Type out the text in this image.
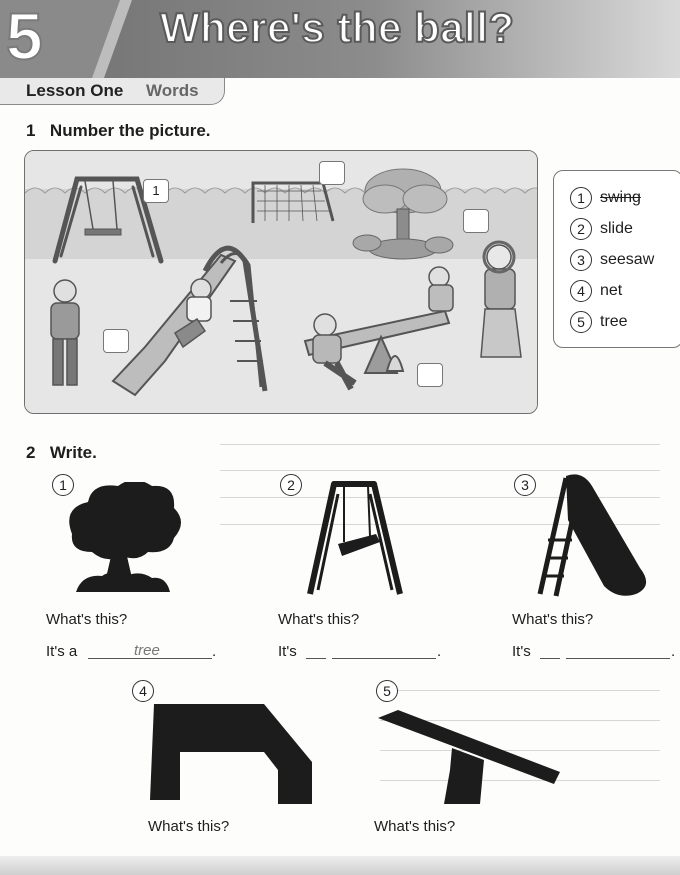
5	Where's the ball?
Lesson One Words
1 Number the picture.
1	1 swing
2 slide
3 seesaw
4 net
5 tree
2 Write.
1
What's this?
It's a	tree	.
2
What's this?
It's	.
3
What's this?
It's	.
4
What's this?
5
What's this?
